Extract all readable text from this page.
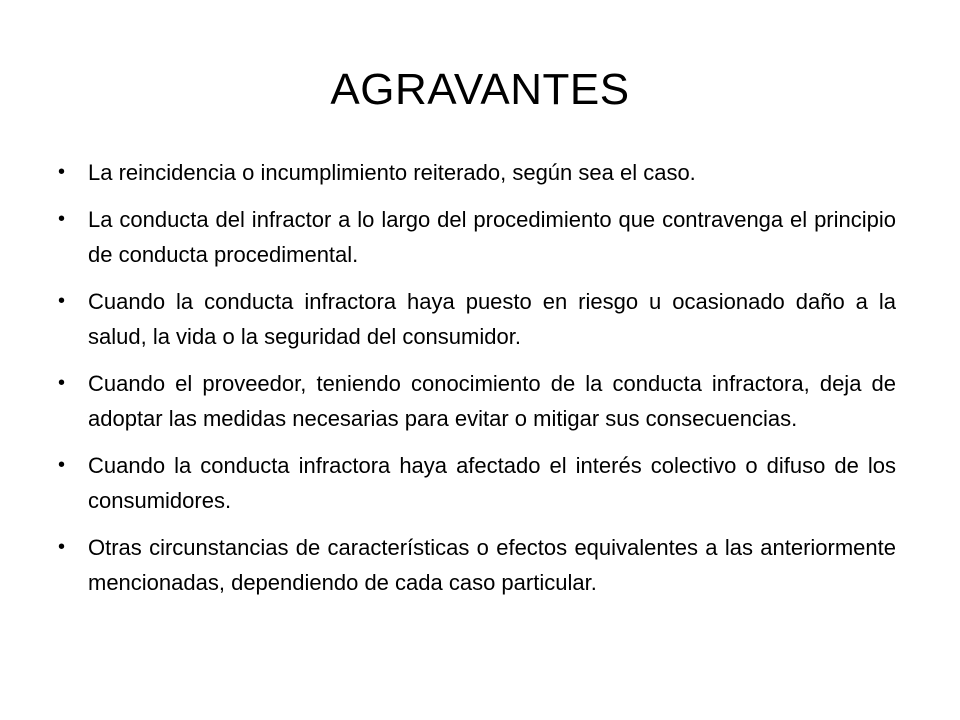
AGRAVANTES
• La reincidencia o incumplimiento reiterado, según sea el caso.
• La conducta del infractor a lo largo del procedimiento que contravenga el principio de conducta procedimental.
• Cuando la conducta infractora haya puesto en riesgo u ocasionado daño a la salud, la vida o la seguridad del consumidor.
• Cuando el proveedor, teniendo conocimiento de la conducta infractora, deja de adoptar las medidas necesarias para evitar o mitigar sus consecuencias.
• Cuando la conducta infractora haya afectado el interés colectivo o difuso de los consumidores.
• Otras circunstancias de características o efectos equivalentes a las anteriormente mencionadas, dependiendo de cada caso particular.
